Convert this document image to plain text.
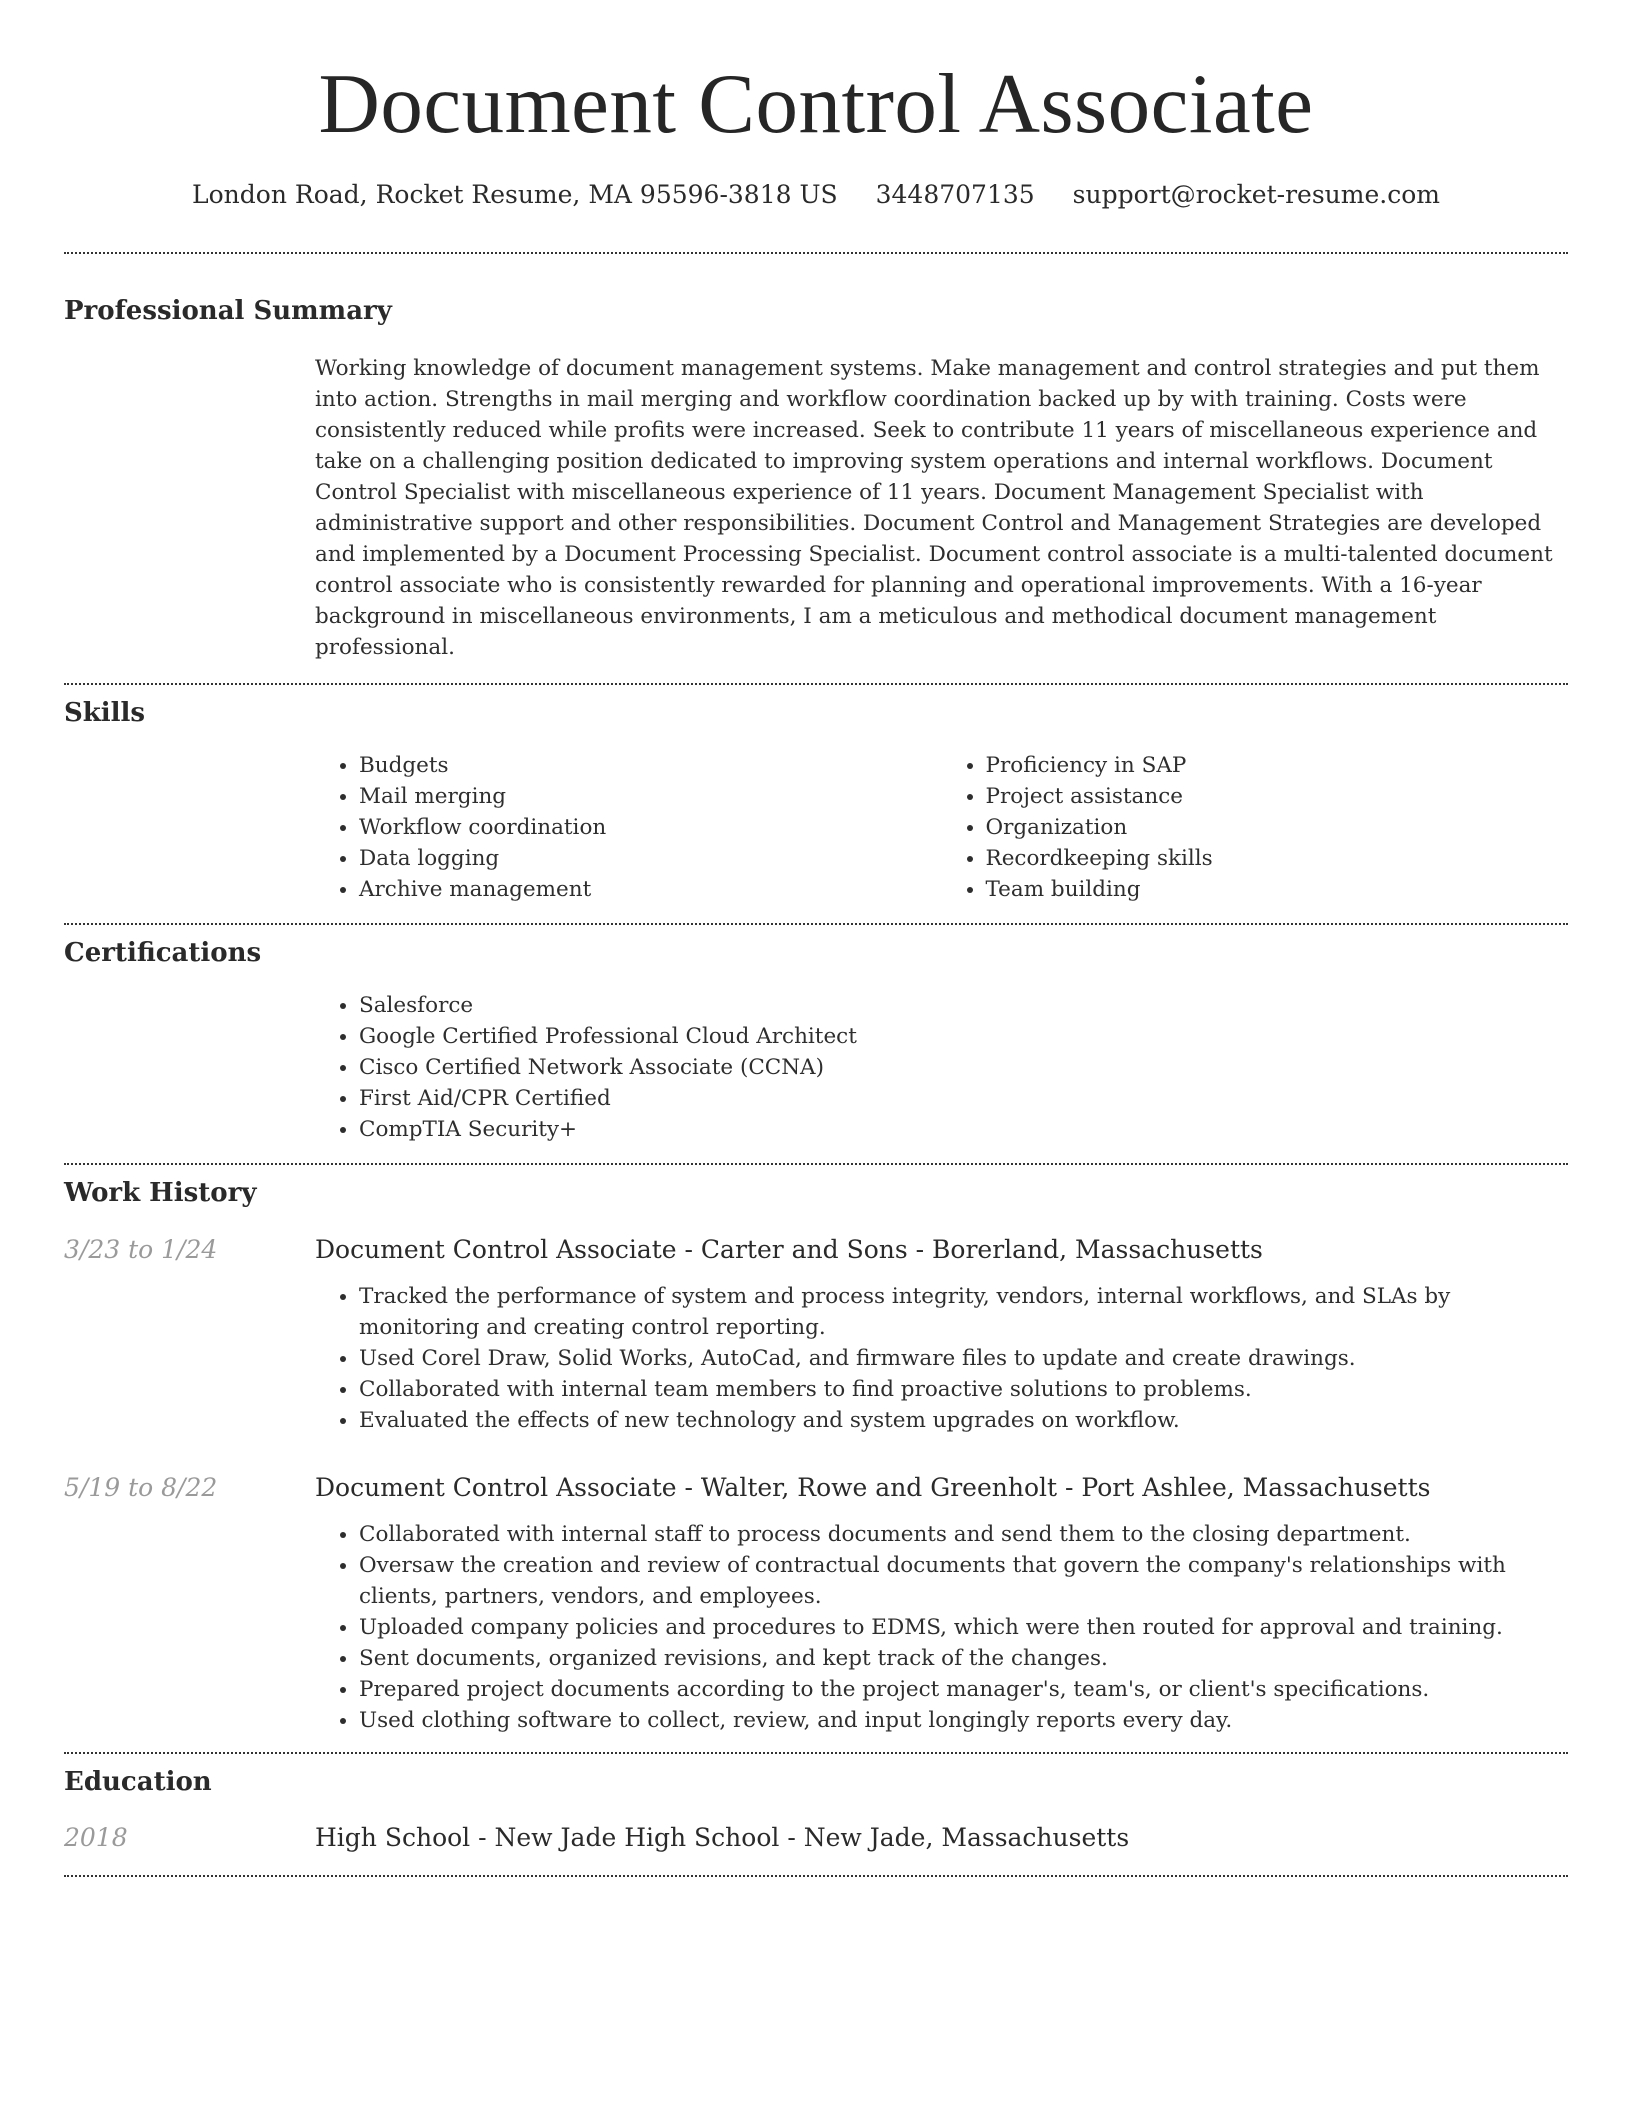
Document Control Associate
London Road, Rocket Resume, MA 95596-3818 US 3448707135 support@rocket-resume.com
Professional Summary

Working knowledge of document management systems. Make management and control strategies and put them into action. Strengths in mail merging and workflow coordination backed up by with training. Costs were consistently reduced while profits were increased. Seek to contribute 11 years of miscellaneous experience and take on a challenging position dedicated to improving system operations and internal workflows. Document Control Specialist with miscellaneous experience of 11 years. Document Management Specialist with administrative support and other responsibilities. Document Control and Management Strategies are developed and implemented by a Document Processing Specialist. Document control associate is a multi-talented document control associate who is consistently rewarded for planning and operational improvements. With a 16-year background in miscellaneous environments, I am a meticulous and methodical document management professional.

Skills
• Budgets
• Mail merging
• Workflow coordination
• Data logging
• Archive management
• Proficiency in SAP
• Project assistance
• Organization
• Recordkeeping skills
• Team building
Certifications
• Salesforce
• Google Certified Professional Cloud Architect
• Cisco Certified Network Associate (CCNA)
• First Aid/CPR Certified
• CompTIA Security+
Work History
3/23 to 1/24	Document Control Associate - Carter and Sons - Borerland, Massachusetts
• Tracked the performance of system and process integrity, vendors, internal workflows, and SLAs by monitoring and creating control reporting.
• Used Corel Draw, Solid Works, AutoCad, and firmware files to update and create drawings.
• Collaborated with internal team members to find proactive solutions to problems.
• Evaluated the effects of new technology and system upgrades on workflow.
5/19 to 8/22	Document Control Associate - Walter, Rowe and Greenholt - Port Ashlee, Massachusetts
• Collaborated with internal staff to process documents and send them to the closing department.
• Oversaw the creation and review of contractual documents that govern the company's relationships with clients, partners, vendors, and employees.
• Uploaded company policies and procedures to EDMS, which were then routed for approval and training.
• Sent documents, organized revisions, and kept track of the changes.
• Prepared project documents according to the project manager's, team's, or client's specifications.
• Used clothing software to collect, review, and input longingly reports every day.
Education
2018	High School - New Jade High School - New Jade, Massachusetts
